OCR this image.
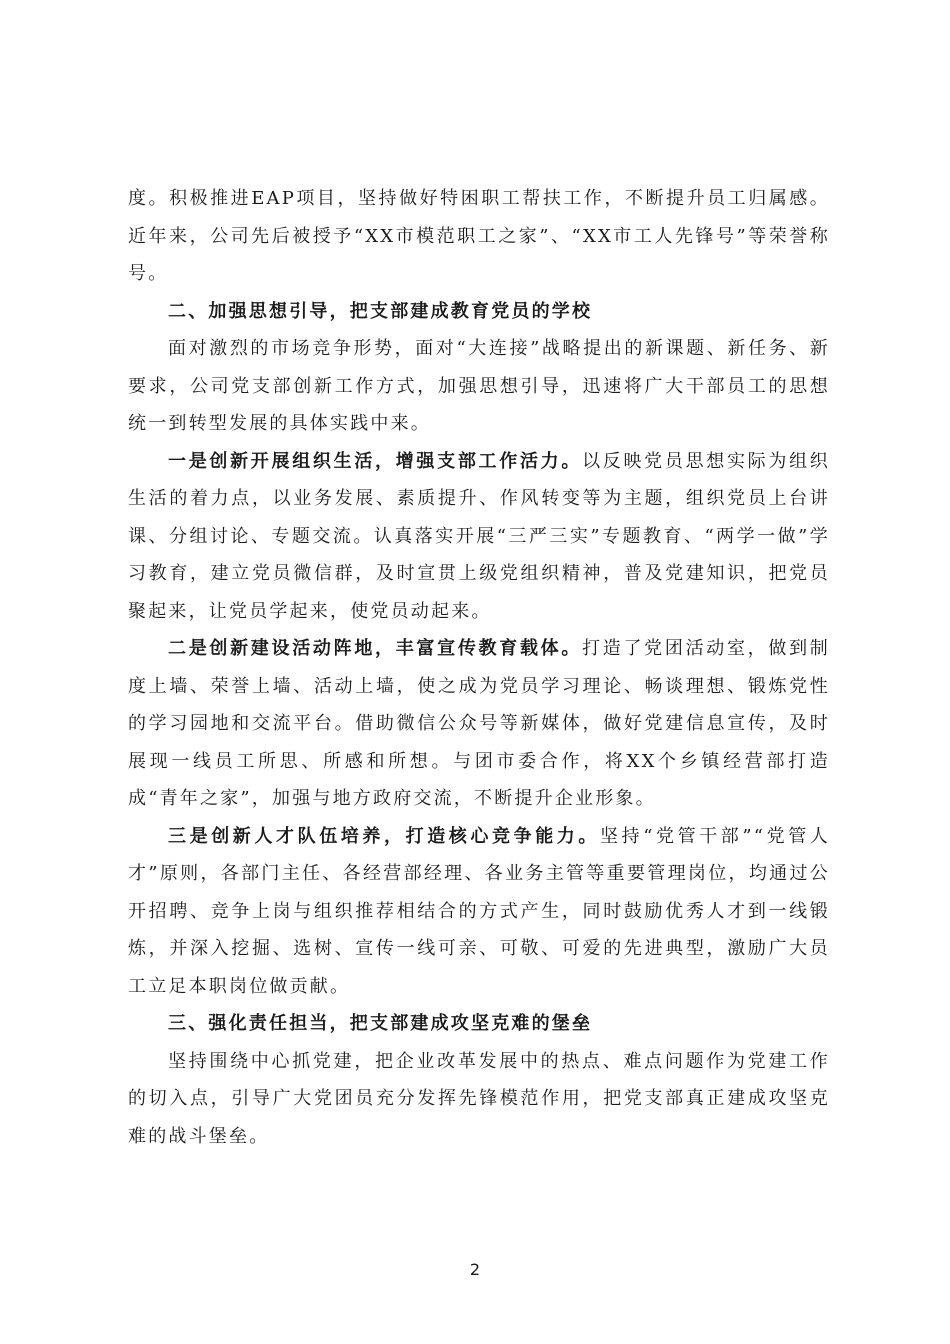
度。积极推进EAP项目，坚持做好特困职工帮扶工作，不断提升员工归属感。近年来，公司先后被授予“XX市模范职工之家”、“XX市工人先锋号”等荣誉称号。

二、加强思想引导，把支部建成教育党员的学校

面对激烈的市场竞争形势，面对“大连接”战略提出的新课题、新任务、新要求，公司党支部创新工作方式，加强思想引导，迅速将广大干部员工的思想统一到转型发展的具体实践中来。

一是创新开展组织生活，增强支部工作活力。以反映党员思想实际为组织生活的着力点，以业务发展、素质提升、作风转变等为主题，组织党员上台讲课、分组讨论、专题交流。认真落实开展“三严三实”专题教育、“两学一做”学习教育，建立党员微信群，及时宣贯上级党组织精神，普及党建知识，把党员聚起来，让党员学起来，使党员动起来。

二是创新建设活动阵地，丰富宣传教育载体。打造了党团活动室，做到制度上墙、荣誉上墙、活动上墙，使之成为党员学习理论、畅谈理想、锻炼党性的学习园地和交流平台。借助微信公众号等新媒体，做好党建信息宣传，及时展现一线员工所思、所感和所想。与团市委合作，将XX个乡镇经营部打造成“青年之家”，加强与地方政府交流，不断提升企业形象。

三是创新人才队伍培养，打造核心竞争能力。坚持“党管干部”“党管人才”原则，各部门主任、各经营部经理、各业务主管等重要管理岗位，均通过公开招聘、竞争上岗与组织推荐相结合的方式产生，同时鼓励优秀人才到一线锻炼，并深入挖掘、选树、宣传一线可亲、可敬、可爱的先进典型，激励广大员工立足本职岗位做贡献。

三、强化责任担当，把支部建成攻坚克难的堡垒

坚持围绕中心抓党建，把企业改革发展中的热点、难点问题作为党建工作的切入点，引导广大党团员充分发挥先锋模范作用，把党支部真正建成攻坚克难的战斗堡垒。

2
